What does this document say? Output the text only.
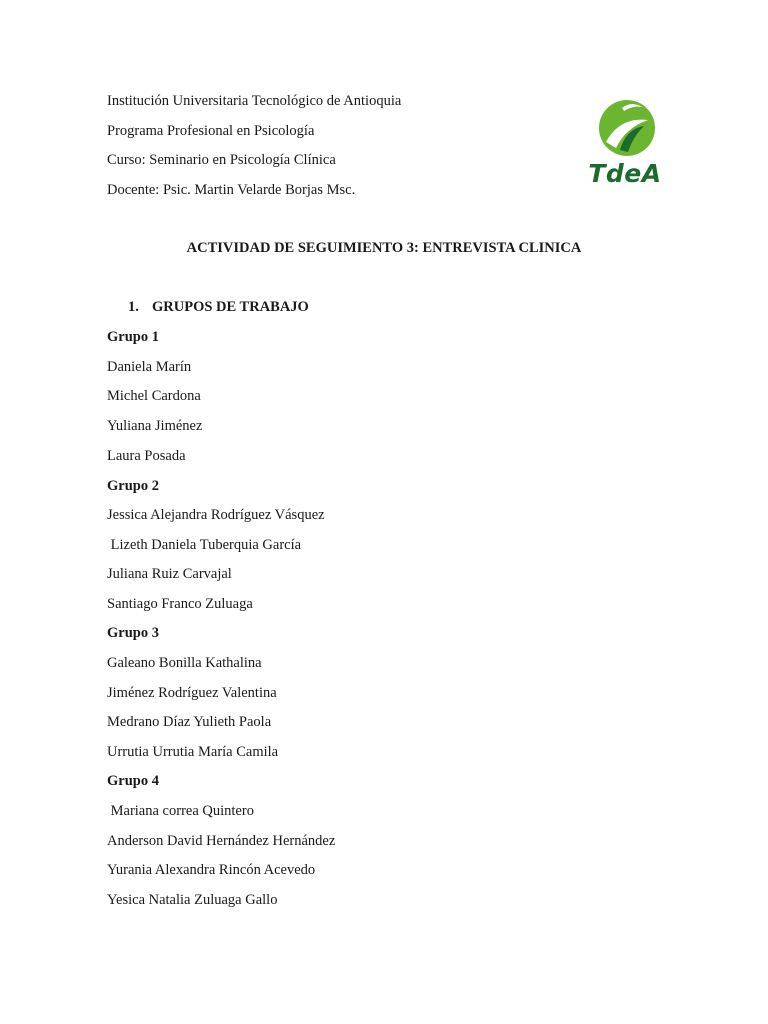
Institución Universitaria Tecnológico de Antioquia
Programa Profesional en Psicología
Curso: Seminario en Psicología Clínica
Docente: Psic. Martin Velarde Borjas Msc.
TdeA
ACTIVIDAD DE SEGUIMIENTO 3: ENTREVISTA CLINICA
1. GRUPOS DE TRABAJO
Grupo 1
Daniela Marín
Michel Cardona
Yuliana Jiménez
Laura Posada
Grupo 2
Jessica Alejandra Rodríguez Vásquez
Lizeth Daniela Tuberquia García
Juliana Ruiz Carvajal
Santiago Franco Zuluaga
Grupo 3
Galeano Bonilla Kathalina
Jiménez Rodríguez Valentina
Medrano Díaz Yulieth Paola
Urrutia Urrutia María Camila
Grupo 4
Mariana correa Quintero
Anderson David Hernández Hernández
Yurania Alexandra Rincón Acevedo
Yesica Natalia Zuluaga Gallo
